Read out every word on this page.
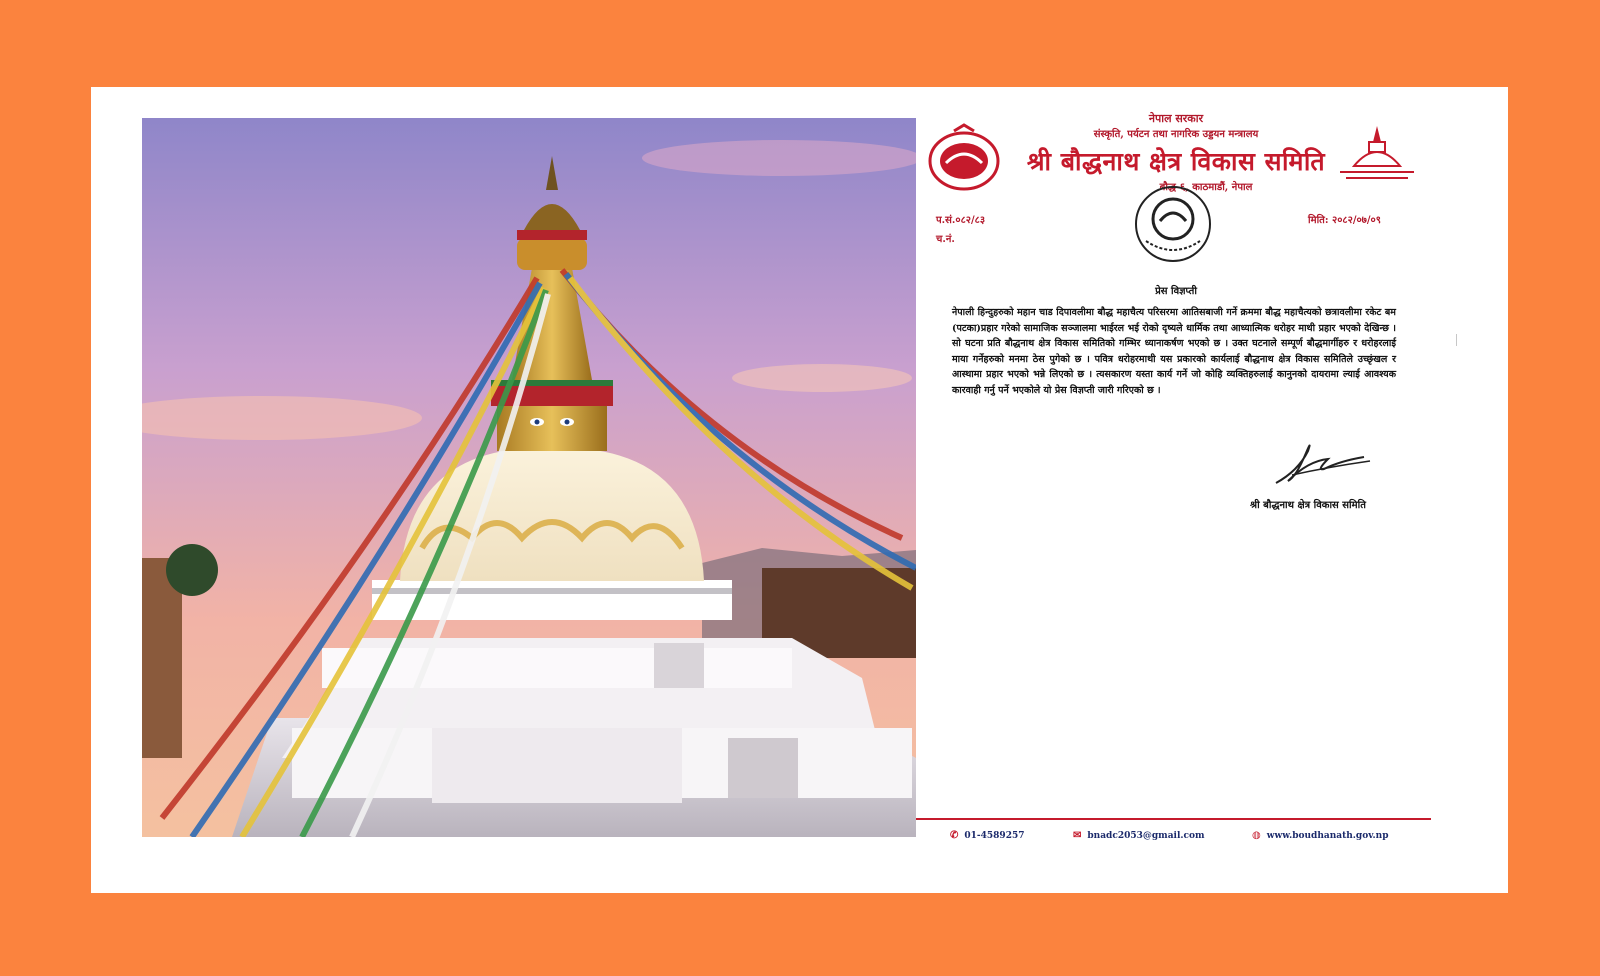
नेपाल सरकार
संस्कृति, पर्यटन तथा नागरिक उड्डयन मन्त्रालय
श्री बौद्धनाथ क्षेत्र विकास समिति
बौद्ध-६, काठमाडौं, नेपाल
प.सं.०८२/८३
च.नं.
मिति: २०८२/०७/०९
प्रेस विज्ञप्ती
नेपाली हिन्दुहरुको महान चाड दिपावलीमा बौद्ध महाचैत्य परिसरमा आतिसबाजी गर्ने क्रममा बौद्ध महाचैत्यको छत्रावलीमा रकेट बम (पटका)प्रहार गरेको सामाजिक सञ्जालमा भाईरल भई रोको दृष्यले धार्मिक तथा आध्यात्मिक धरोहर माथी प्रहार भएको देखिन्छ । सो घटना प्रति बौद्धनाथ क्षेत्र विकास समितिको गम्भिर ध्यानाकर्षण भएको छ । उक्त घटनाले सम्पूर्ण बौद्धमार्गीहरु र धरोहरलाई माया गर्नेहरुको मनमा ठेस पुगेको छ । पवित्र धरोहरमाथी यस प्रकारको कार्यलाई बौद्धनाथ क्षेत्र विकास समितिले उच्छृंखल र आस्थामा प्रहार भएको भन्ने लिएको छ । त्यसकारण यस्ता कार्य गर्ने जो कोहि व्यक्तिहरुलाई कानुनको दायरामा ल्याई आवश्यक कारवाही गर्नु पर्ने भएकोले यो प्रेस विज्ञप्ती जारी गरिएको छ ।
श्री बौद्धनाथ क्षेत्र विकास समिति
✆ 01-4589257	✉ bnadc2053@gmail.com	◍ www.boudhanath.gov.np
